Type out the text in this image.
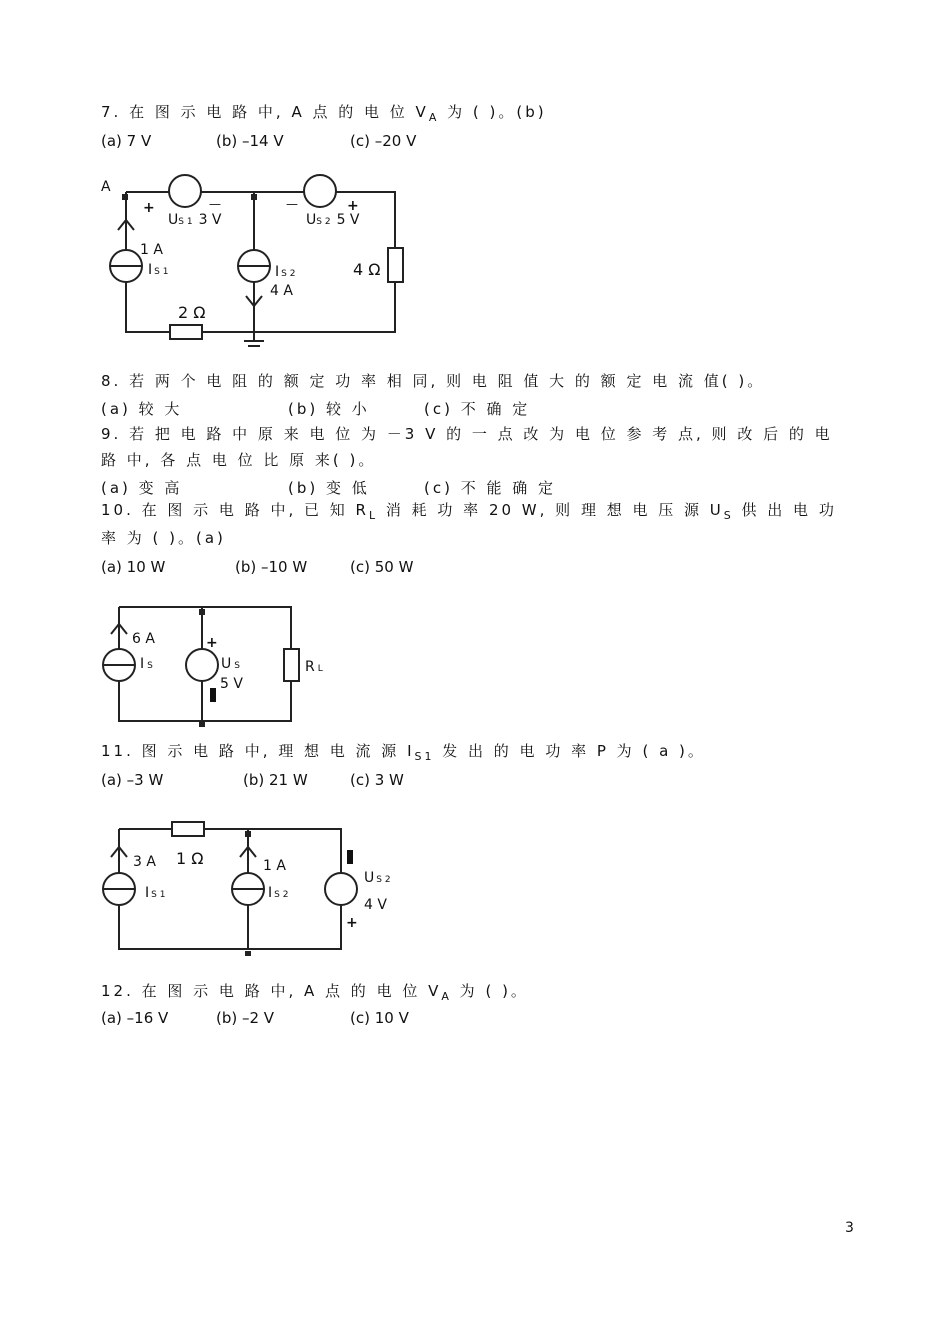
7. 在 图 示 电 路 中, A 点 的 电 位 $V_A$ 为 ( )。(b)
(a) 7 V	(b) –14 V	(c) –20 V
A
+	—
US 1 3 V
—	+
US 2 5 V
1 A
I S 1	I S 2
4 A
4 Ω
2 Ω
8. 若 两 个 电 阻 的 额 定 功 率 相 同, 则 电 阻 值 大 的 额 定 电 流 值( )。
(a) 较 大	(b) 较 小	(c) 不 确 定
9. 若 把 电 路 中 原 来 电 位 为 －3 V 的 一 点 改 为 电 位 参 考 点, 则 改 后 的 电
路 中, 各 点 电 位 比 原 来( )。
(a) 变 高	(b) 变 低	(c) 不 能 确 定
10. 在 图 示 电 路 中, 已 知 $R_L$ 消 耗 功 率 20 W, 则 理 想 电 压 源 $U_S$ 供 出 电 功
率 为 ( )。(a)
(a) 10 W	(b) –10 W	(c) 50 W
6 A
I S
+
U S
5 V
R L
11. 图 示 电 路 中, 理 想 电 流 源 $I_{S1}$ 发 出 的 电 功 率 P 为 ( a )。
(a) –3 W	(b) 21 W	(c) 3 W
3 A
I S 1
1 Ω	1 A
I S 2
U S 2
4 V
+
12. 在 图 示 电 路 中, A 点 的 电 位 $V_A$ 为 ( )。
(a) –16 V	(b) –2 V	(c) 10 V
3
